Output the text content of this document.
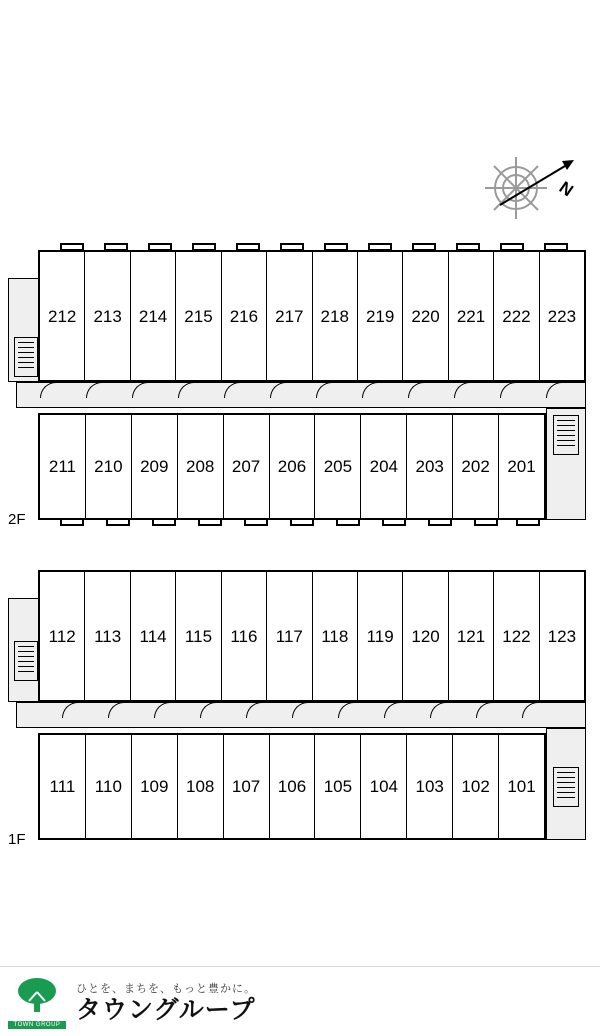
N
212 213 214 215 216 217 218 219 220 221 222 223
211 210 209 208 207 206 205 204 203 202 201
2F
112 113 114 115 116 117 118 119 120 121 122 123
111 110 109 108 107 106 105 104 103 102 101
1F
TOWN GROUP
ひとを、まちを、もっと豊かに。
タウングループ
